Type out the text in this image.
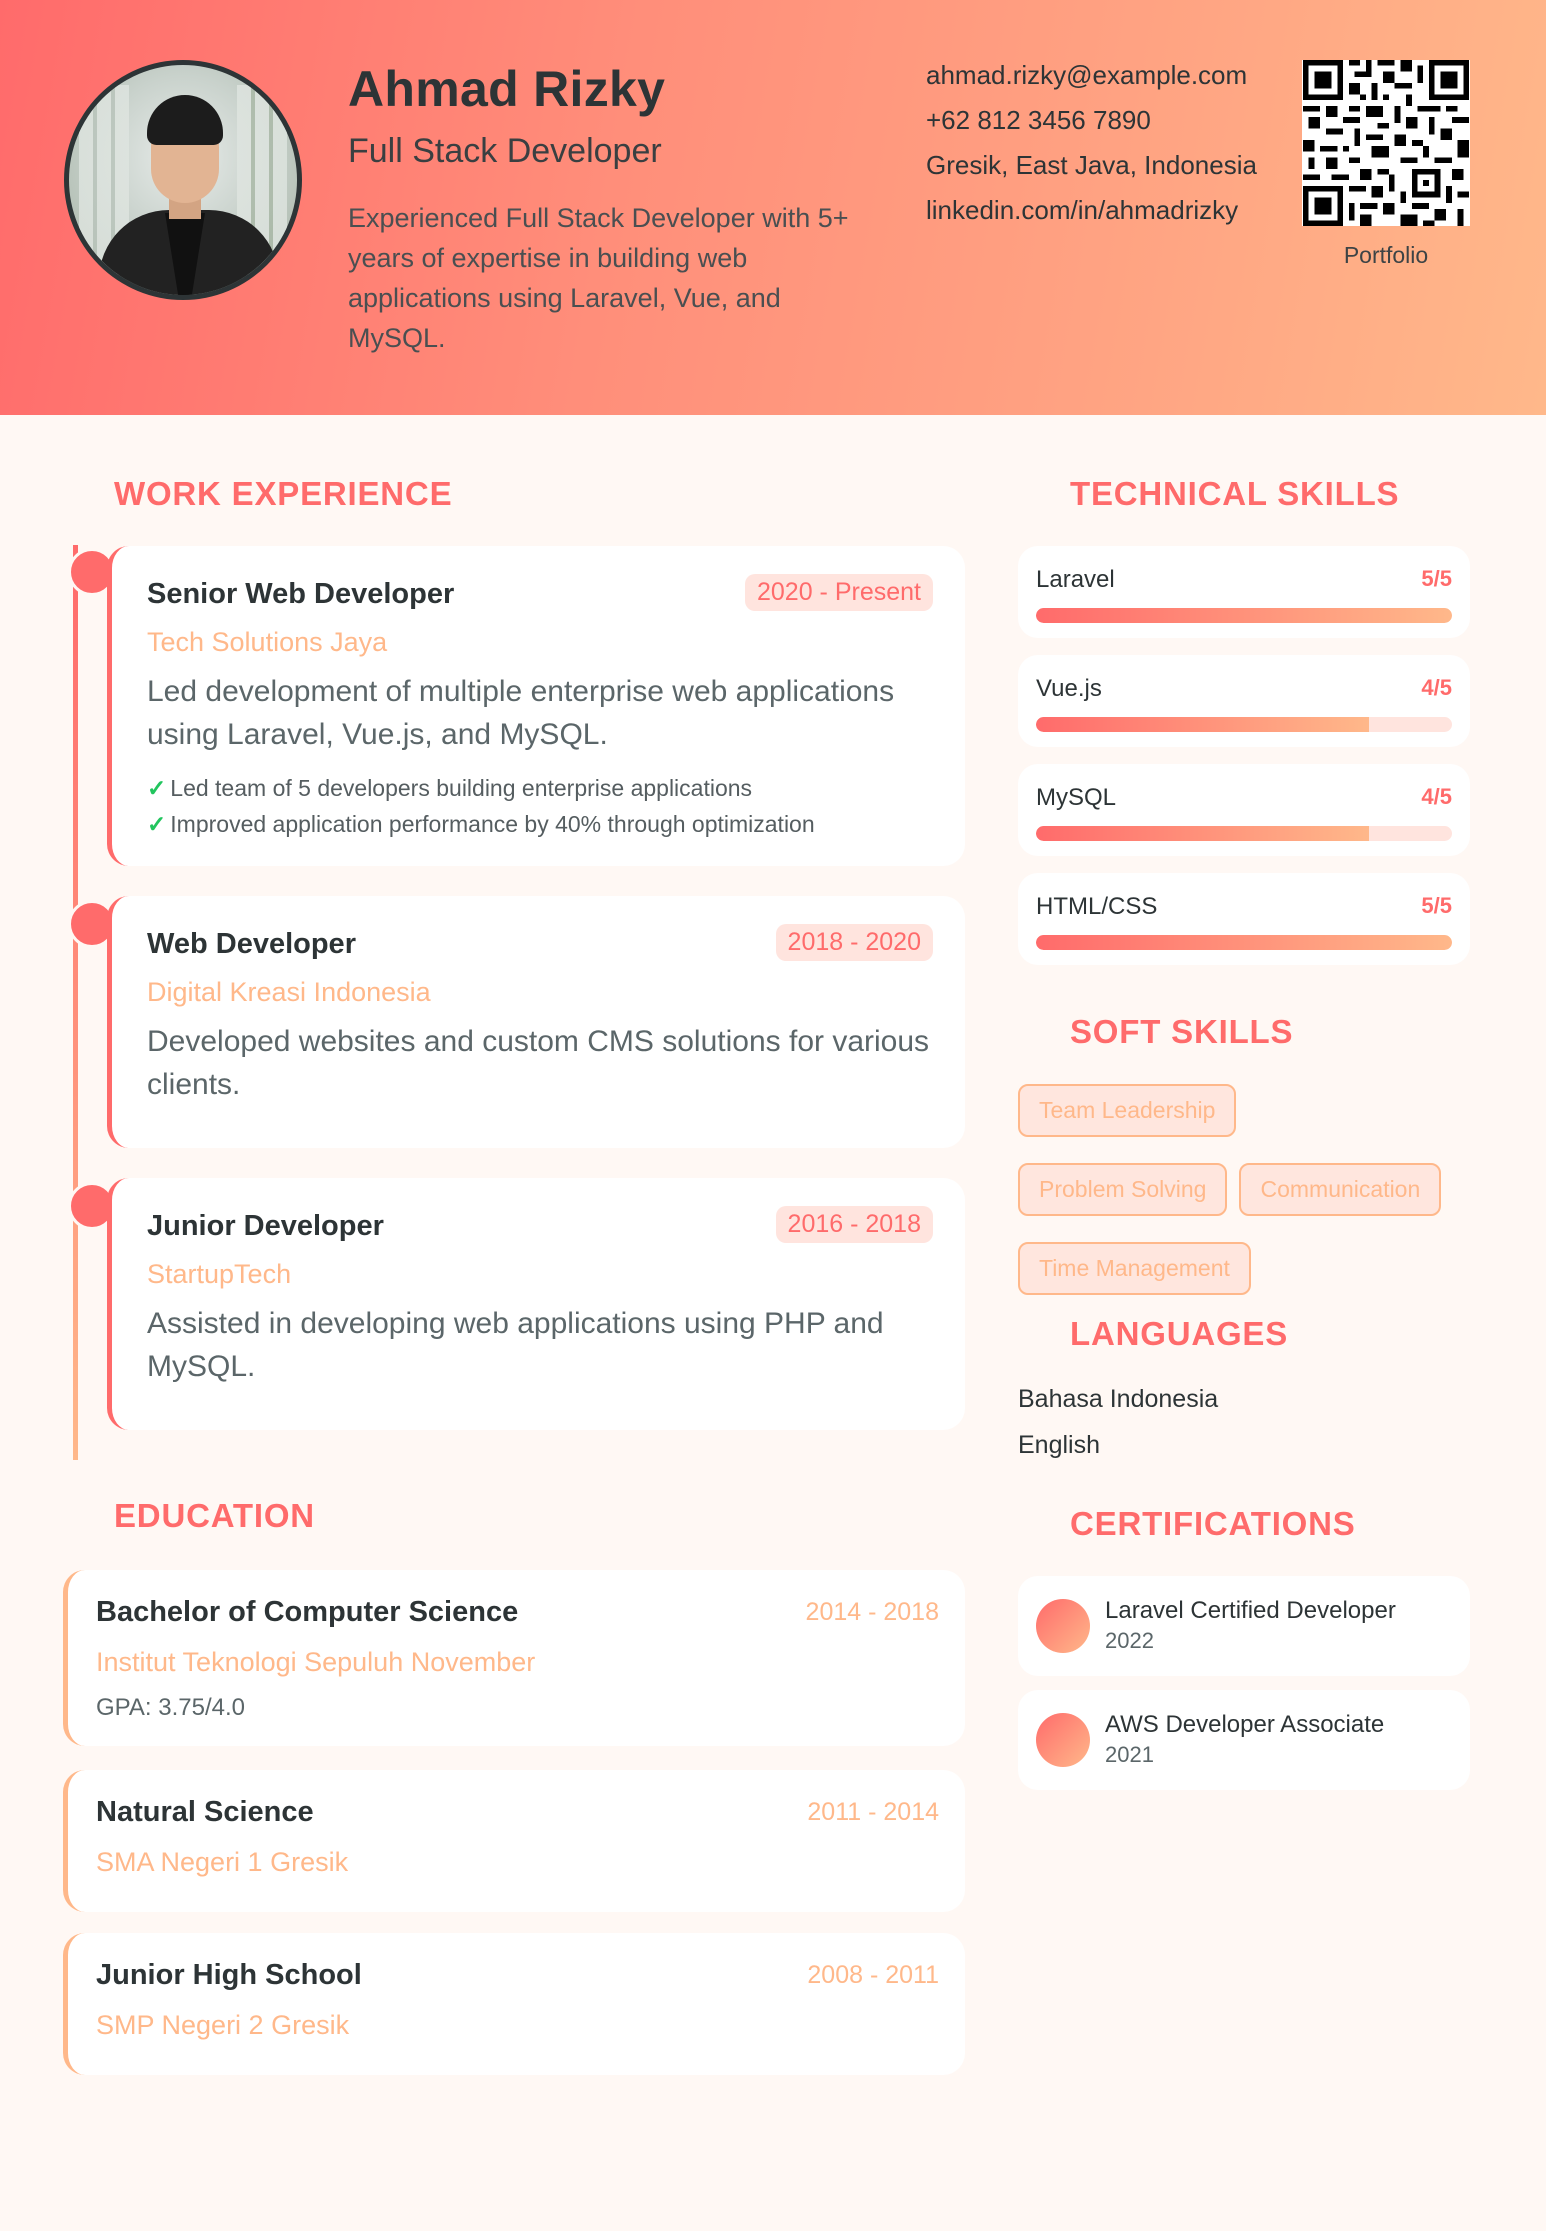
Ahmad Rizky
Full Stack Developer

Experienced Full Stack Developer with 5+ years of expertise in building web applications using Laravel, Vue, and MySQL.

ahmad.rizky@example.com
+62 812 3456 7890
Gresik, East Java, Indonesia
linkedin.com/in/ahmadrizky
Portfolio
WORK EXPERIENCE
Senior Web Developer	2020 - Present
Tech Solutions Jaya
Led development of multiple enterprise web applications using Laravel, Vue.js, and MySQL.
✓ Led team of 5 developers building enterprise applications
✓ Improved application performance by 40% through optimization
Web Developer	2018 - 2020
Digital Kreasi Indonesia
Developed websites and custom CMS solutions for various clients.
Junior Developer	2016 - 2018
StartupTech
Assisted in developing web applications using PHP and MySQL.
EDUCATION
Bachelor of Computer Science	2014 - 2018
Institut Teknologi Sepuluh November
GPA: 3.75/4.0
Natural Science	2011 - 2014
SMA Negeri 1 Gresik
Junior High School	2008 - 2011
SMP Negeri 2 Gresik
TECHNICAL SKILLS
Laravel	5/5
Vue.js	4/5
MySQL	4/5
HTML/CSS	5/5
SOFT SKILLS
Team Leadership
Problem Solving	Communication
Time Management
LANGUAGES
Bahasa Indonesia
English
CERTIFICATIONS
Laravel Certified Developer
2022
AWS Developer Associate
2021
